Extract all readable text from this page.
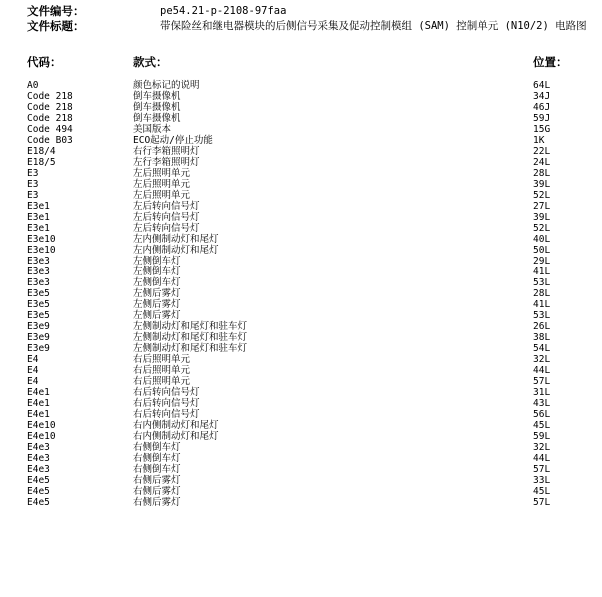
文件编号：	pe54.21-p-2108-97faa
文件标题：	带保险丝和继电器模块的后侧信号采集及促动控制模组 (SAM) 控制单元 (N10/2) 电路图
代码：	款式：	位置：
A0	颜色标记的说明	64L
Code 218	倒车摄像机	34J
Code 218	倒车摄像机	46J
Code 218	倒车摄像机	59J
Code 494	美国版本	15G
Code B03	ECO起动/停止功能	1K
E18/4	右行李箱照明灯	22L
E18/5	左行李箱照明灯	24L
E3	左后照明单元	28L
E3	左后照明单元	39L
E3	左后照明单元	52L
E3e1	左后转向信号灯	27L
E3e1	左后转向信号灯	39L
E3e1	左后转向信号灯	52L
E3e10	左内侧制动灯和尾灯	40L
E3e10	左内侧制动灯和尾灯	50L
E3e3	左侧倒车灯	29L
E3e3	左侧倒车灯	41L
E3e3	左侧倒车灯	53L
E3e5	左侧后雾灯	28L
E3e5	左侧后雾灯	41L
E3e5	左侧后雾灯	53L
E3e9	左侧制动灯和尾灯和驻车灯	26L
E3e9	左侧制动灯和尾灯和驻车灯	38L
E3e9	左侧制动灯和尾灯和驻车灯	54L
E4	右后照明单元	32L
E4	右后照明单元	44L
E4	右后照明单元	57L
E4e1	右后转向信号灯	31L
E4e1	右后转向信号灯	43L
E4e1	右后转向信号灯	56L
E4e10	右内侧制动灯和尾灯	45L
E4e10	右内侧制动灯和尾灯	59L
E4e3	右侧倒车灯	32L
E4e3	右侧倒车灯	44L
E4e3	右侧倒车灯	57L
E4e5	右侧后雾灯	33L
E4e5	右侧后雾灯	45L
E4e5	右侧后雾灯	57L
